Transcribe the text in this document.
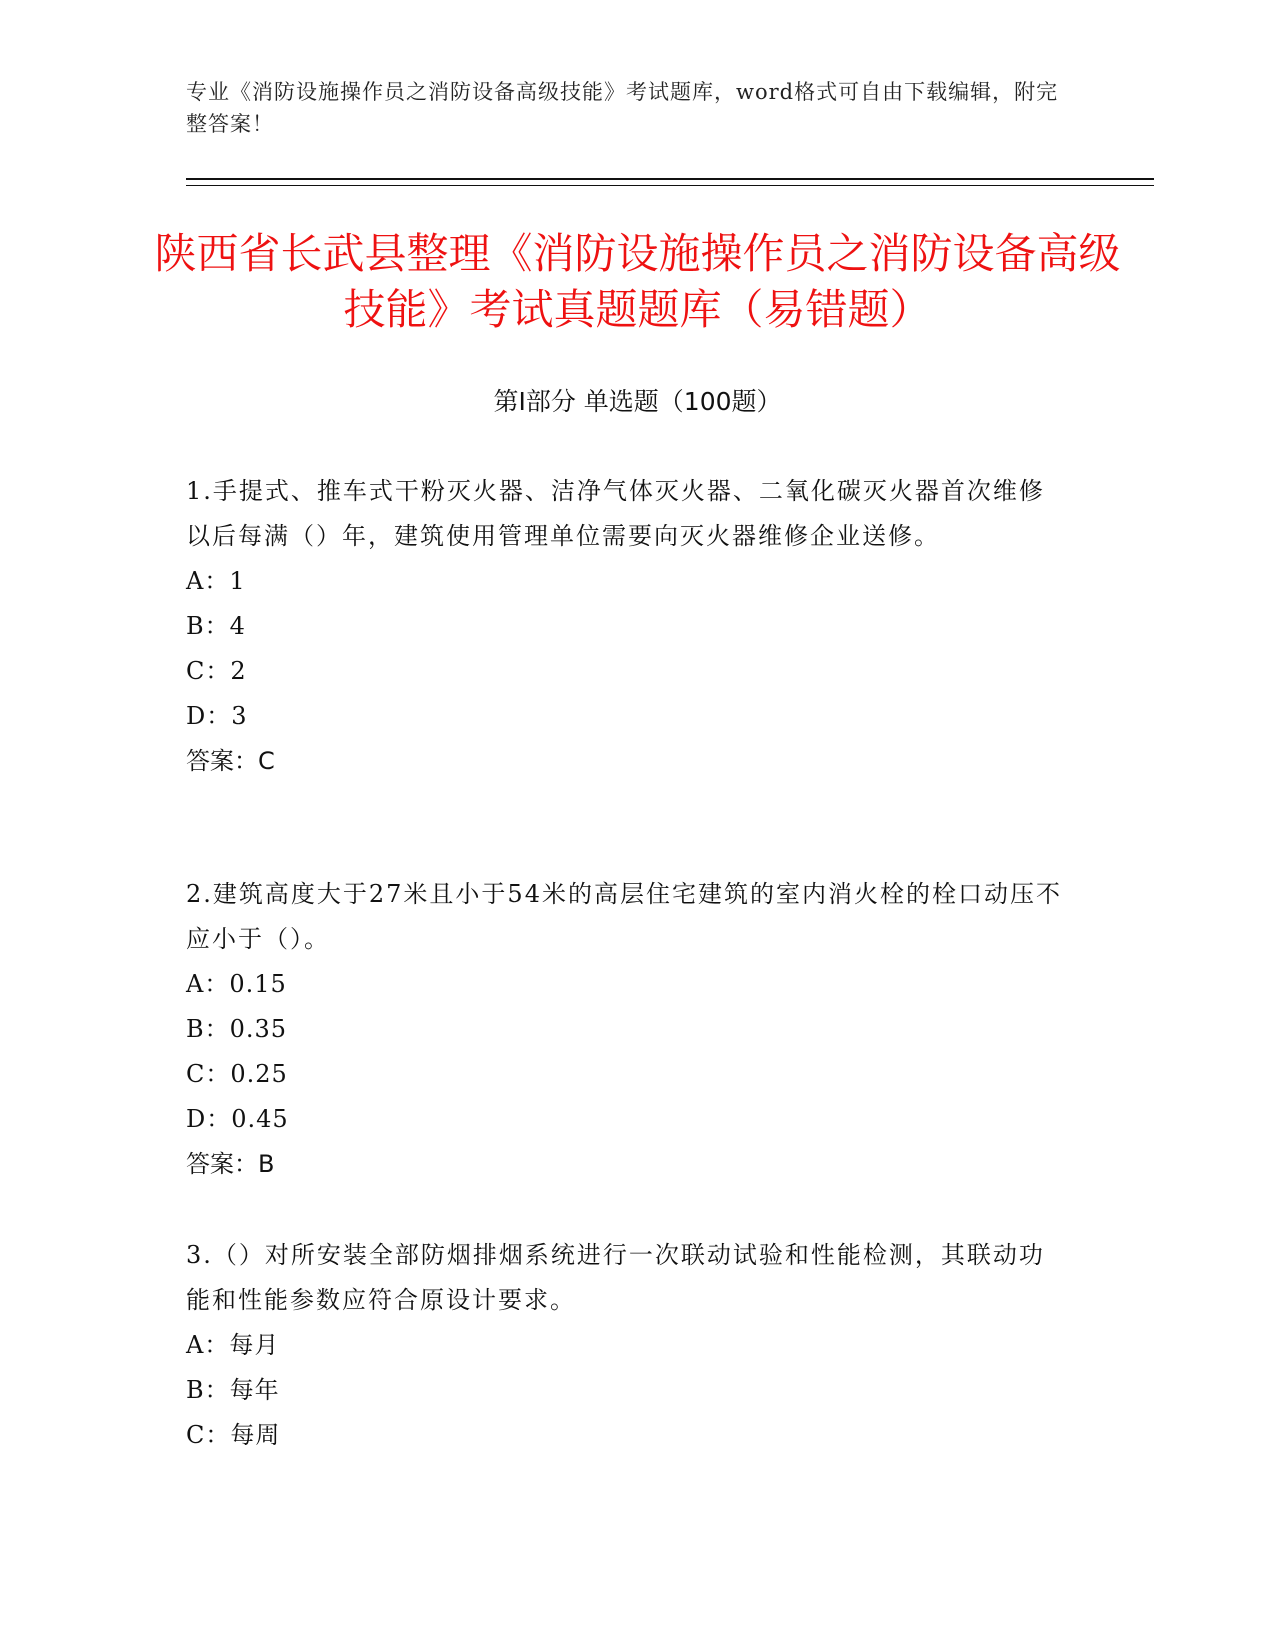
专业《消防设施操作员之消防设备高级技能》考试题库，word格式可自由下载编辑，附完整答案！
陕西省长武县整理《消防设施操作员之消防设备高级技能》考试真题题库（易错题）
第Ⅰ部分 单选题（100题）
1.手提式、推车式干粉灭火器、洁净气体灭火器、二氧化碳灭火器首次维修以后每满（）年，建筑使用管理单位需要向灭火器维修企业送修。
A：1
B：4
C：2
D：3
答案：C
2.建筑高度大于27米且小于54米的高层住宅建筑的室内消火栓的栓口动压不应小于（）。
A：0.15
B：0.35
C：0.25
D：0.45
答案：B
3.（）对所安装全部防烟排烟系统进行一次联动试验和性能检测，其联动功能和性能参数应符合原设计要求。
A：每月
B：每年
C：每周
